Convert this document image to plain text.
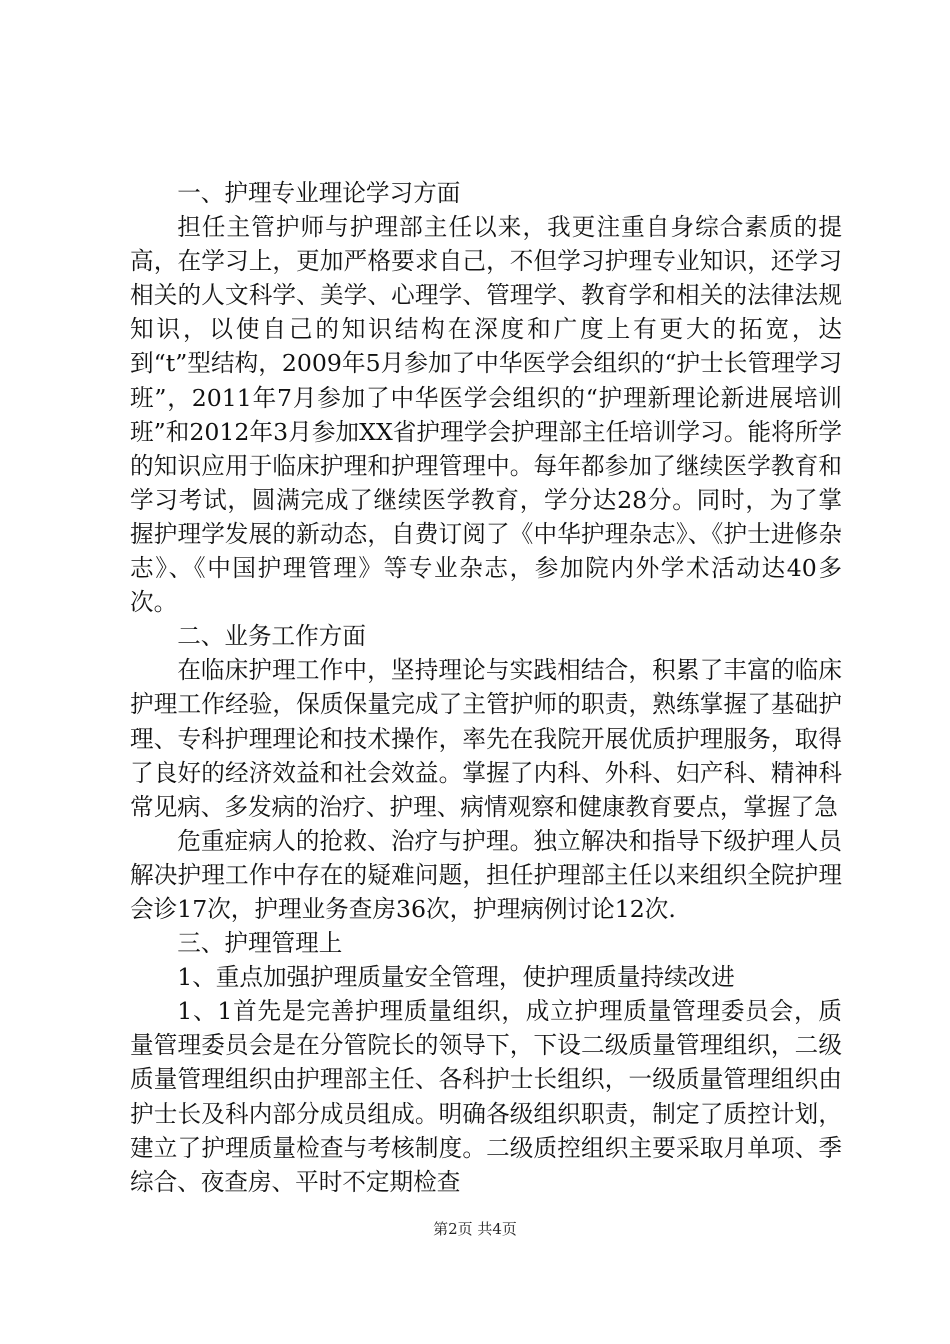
一、护理专业理论学习方面

担任主管护师与护理部主任以来，我更注重自身综合素质的提高，在学习上，更加严格要求自己，不但学习护理专业知识，还学习相关的人文科学、美学、心理学、管理学、教育学和相关的法律法规知识，以使自己的知识结构在深度和广度上有更大的拓宽，达到“t”型结构，2009年5月参加了中华医学会组织的“护士长管理学习班”，2011年7月参加了中华医学会组织的“护理新理论新进展培训班”和2012年3月参加XX省护理学会护理部主任培训学习。能将所学的知识应用于临床护理和护理管理中。每年都参加了继续医学教育和学习考试，圆满完成了继续医学教育，学分达28分。同时，为了掌握护理学发展的新动态，自费订阅了《中华护理杂志》、《护士进修杂志》、《中国护理管理》等专业杂志，参加院内外学术活动达40多次。

二、业务工作方面

在临床护理工作中，坚持理论与实践相结合，积累了丰富的临床护理工作经验，保质保量完成了主管护师的职责，熟练掌握了基础护理、专科护理理论和技术操作，率先在我院开展优质护理服务，取得了良好的经济效益和社会效益。掌握了内科、外科、妇产科、精神科常见病、多发病的治疗、护理、病情观察和健康教育要点，掌握了急

危重症病人的抢救、治疗与护理。独立解决和指导下级护理人员解决护理工作中存在的疑难问题，担任护理部主任以来组织全院护理会诊17次，护理业务查房36次，护理病例讨论12次.

三、护理管理上

1、重点加强护理质量安全管理，使护理质量持续改进

1、1首先是完善护理质量组织，成立护理质量管理委员会，质量管理委员会是在分管院长的领导下，下设二级质量管理组织，二级质量管理组织由护理部主任、各科护士长组织，一级质量管理组织由护士长及科内部分成员组成。明确各级组织职责，制定了质控计划，建立了护理质量检查与考核制度。二级质控组织主要采取月单项、季综合、夜查房、平时不定期检查

第2页 共4页
